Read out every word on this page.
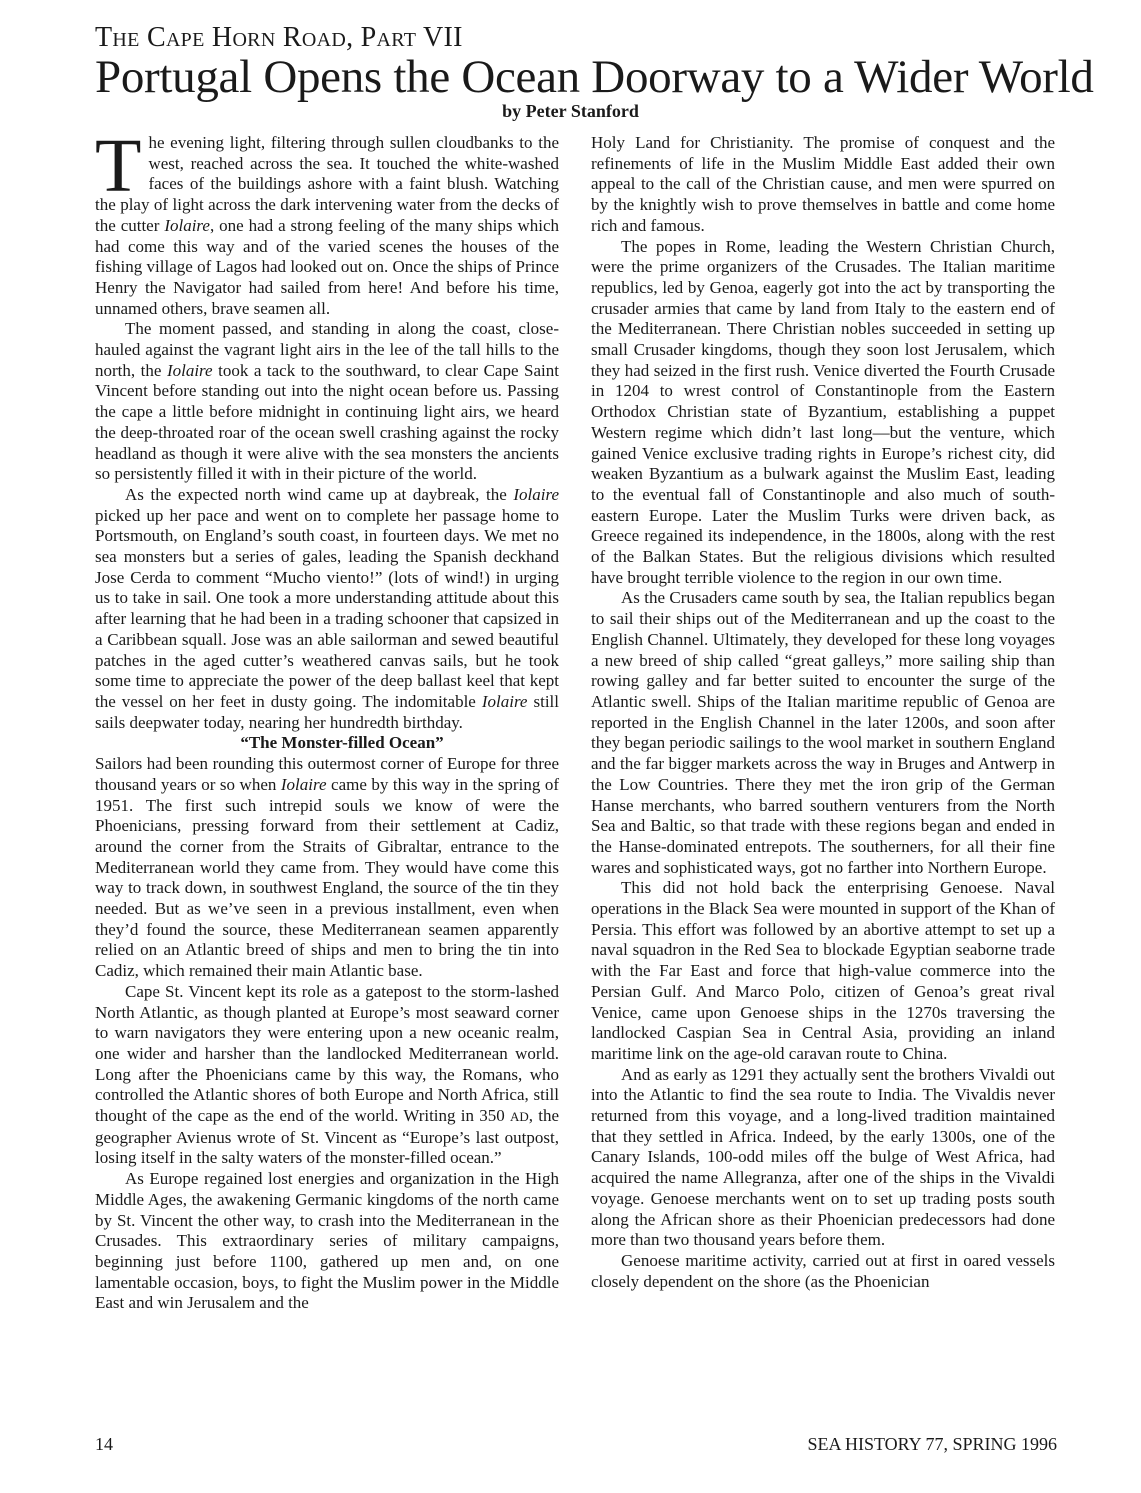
The Cape Horn Road, Part VII
Portugal Opens the Ocean Doorway to a Wider World
by Peter Stanford

The evening light, filtering through sullen cloudbanks to the west, reached across the sea. It touched the white-washed faces of the buildings ashore with a faint blush. Watching the play of light across the dark intervening water from the decks of the cutter Iolaire, one had a strong feeling of the many ships which had come this way and of the varied scenes the houses of the fishing village of Lagos had looked out on. Once the ships of Prince Henry the Navigator had sailed from here! And before his time, unnamed others, brave seamen all.

The moment passed, and standing in along the coast, close-hauled against the vagrant light airs in the lee of the tall hills to the north, the Iolaire took a tack to the southward, to clear Cape Saint Vincent before standing out into the night ocean before us. Passing the cape a little before midnight in continuing light airs, we heard the deep-throated roar of the ocean swell crashing against the rocky headland as though it were alive with the sea monsters the ancients so persistently filled it with in their picture of the world.

As the expected north wind came up at daybreak, the Iolaire picked up her pace and went on to complete her passage home to Portsmouth, on England’s south coast, in fourteen days. We met no sea monsters but a series of gales, leading the Spanish deckhand Jose Cerda to comment “Mucho viento!” (lots of wind!) in urging us to take in sail. One took a more understanding attitude about this after learning that he had been in a trading schooner that capsized in a Caribbean squall. Jose was an able sailorman and sewed beautiful patches in the aged cutter’s weathered canvas sails, but he took some time to appreciate the power of the deep ballast keel that kept the vessel on her feet in dusty going. The indomitable Iolaire still sails deepwater today, nearing her hundredth birthday.

“The Monster-filled Ocean”

Sailors had been rounding this outermost corner of Europe for three thousand years or so when Iolaire came by this way in the spring of 1951. The first such intrepid souls we know of were the Phoenicians, pressing forward from their settlement at Cadiz, around the corner from the Straits of Gibraltar, entrance to the Mediterranean world they came from. They would have come this way to track down, in southwest England, the source of the tin they needed. But as we’ve seen in a previous installment, even when they’d found the source, these Mediterranean seamen apparently relied on an Atlantic breed of ships and men to bring the tin into Cadiz, which remained their main Atlantic base.

Cape St. Vincent kept its role as a gatepost to the storm-lashed North Atlantic, as though planted at Europe’s most seaward corner to warn navigators they were entering upon a new oceanic realm, one wider and harsher than the landlocked Mediterranean world. Long after the Phoenicians came by this way, the Romans, who controlled the Atlantic shores of both Europe and North Africa, still thought of the cape as the end of the world. Writing in 350 AD, the geographer Avienus wrote of St. Vincent as “Europe’s last outpost, losing itself in the salty waters of the monster-filled ocean.”

As Europe regained lost energies and organization in the High Middle Ages, the awakening Germanic kingdoms of the north came by St. Vincent the other way, to crash into the Mediterranean in the Crusades. This extraordinary series of military campaigns, beginning just before 1100, gathered up men and, on one lamentable occasion, boys, to fight the Muslim power in the Middle East and win Jerusalem and the

Holy Land for Christianity. The promise of conquest and the refinements of life in the Muslim Middle East added their own appeal to the call of the Christian cause, and men were spurred on by the knightly wish to prove themselves in battle and come home rich and famous.

The popes in Rome, leading the Western Christian Church, were the prime organizers of the Crusades. The Italian maritime republics, led by Genoa, eagerly got into the act by transporting the crusader armies that came by land from Italy to the eastern end of the Mediterranean. There Christian nobles succeeded in setting up small Crusader kingdoms, though they soon lost Jerusalem, which they had seized in the first rush. Venice diverted the Fourth Crusade in 1204 to wrest control of Constantinople from the Eastern Orthodox Christian state of Byzantium, establishing a puppet Western regime which didn’t last long—but the venture, which gained Venice exclusive trading rights in Europe’s richest city, did weaken Byzantium as a bulwark against the Muslim East, leading to the eventual fall of Constantinople and also much of south-eastern Europe. Later the Muslim Turks were driven back, as Greece regained its independence, in the 1800s, along with the rest of the Balkan States. But the religious divisions which resulted have brought terrible violence to the region in our own time.

As the Crusaders came south by sea, the Italian republics began to sail their ships out of the Mediterranean and up the coast to the English Channel. Ultimately, they developed for these long voyages a new breed of ship called “great galleys,” more sailing ship than rowing galley and far better suited to encounter the surge of the Atlantic swell. Ships of the Italian maritime republic of Genoa are reported in the English Channel in the later 1200s, and soon after they began periodic sailings to the wool market in southern England and the far bigger markets across the way in Bruges and Antwerp in the Low Countries. There they met the iron grip of the German Hanse merchants, who barred southern venturers from the North Sea and Baltic, so that trade with these regions began and ended in the Hanse-dominated entrepots. The southerners, for all their fine wares and sophisticated ways, got no farther into Northern Europe.

This did not hold back the enterprising Genoese. Naval operations in the Black Sea were mounted in support of the Khan of Persia. This effort was followed by an abortive attempt to set up a naval squadron in the Red Sea to blockade Egyptian seaborne trade with the Far East and force that high-value commerce into the Persian Gulf. And Marco Polo, citizen of Genoa’s great rival Venice, came upon Genoese ships in the 1270s traversing the landlocked Caspian Sea in Central Asia, providing an inland maritime link on the age-old caravan route to China.

And as early as 1291 they actually sent the brothers Vivaldi out into the Atlantic to find the sea route to India. The Vivaldis never returned from this voyage, and a long-lived tradition maintained that they settled in Africa. Indeed, by the early 1300s, one of the Canary Islands, 100-odd miles off the bulge of West Africa, had acquired the name Allegranza, after one of the ships in the Vivaldi voyage. Genoese merchants went on to set up trading posts south along the African shore as their Phoenician predecessors had done more than two thousand years before them.

Genoese maritime activity, carried out at first in oared vessels closely dependent on the shore (as the Phoenician

14	SEA HISTORY 77, SPRING 1996
